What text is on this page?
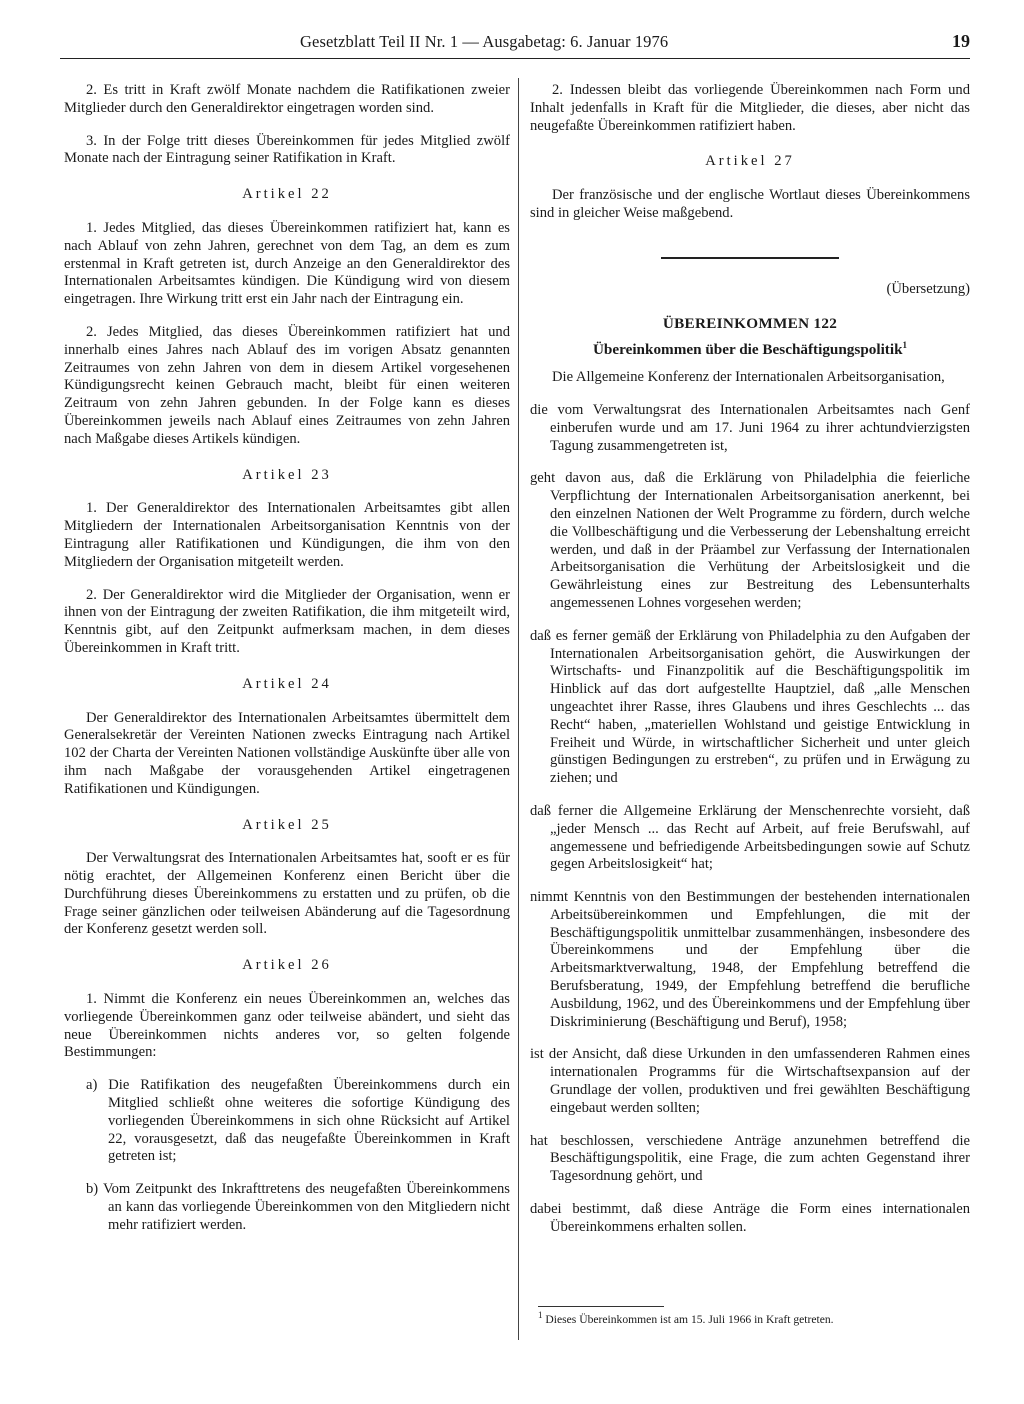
Gesetzblatt Teil II Nr. 1 — Ausgabetag: 6. Januar 1976	19

2. Es tritt in Kraft zwölf Monate nachdem die Ratifikationen zweier Mitglieder durch den Generaldirektor eingetragen worden sind.

3. In der Folge tritt dieses Übereinkommen für jedes Mitglied zwölf Monate nach der Eintragung seiner Ratifikation in Kraft.

Artikel 22

1. Jedes Mitglied, das dieses Übereinkommen ratifiziert hat, kann es nach Ablauf von zehn Jahren, gerechnet von dem Tag, an dem es zum erstenmal in Kraft getreten ist, durch Anzeige an den Generaldirektor des Internationalen Arbeitsamtes kündigen. Die Kündigung wird von diesem eingetragen. Ihre Wirkung tritt erst ein Jahr nach der Eintragung ein.

2. Jedes Mitglied, das dieses Übereinkommen ratifiziert hat und innerhalb eines Jahres nach Ablauf des im vorigen Absatz genannten Zeitraumes von zehn Jahren von dem in diesem Artikel vorgesehenen Kündigungsrecht keinen Gebrauch macht, bleibt für einen weiteren Zeitraum von zehn Jahren gebunden. In der Folge kann es dieses Übereinkommen jeweils nach Ablauf eines Zeitraumes von zehn Jahren nach Maßgabe dieses Artikels kündigen.

Artikel 23

1. Der Generaldirektor des Internationalen Arbeitsamtes gibt allen Mitgliedern der Internationalen Arbeitsorganisation Kenntnis von der Eintragung aller Ratifikationen und Kündigungen, die ihm von den Mitgliedern der Organisation mitgeteilt werden.

2. Der Generaldirektor wird die Mitglieder der Organisation, wenn er ihnen von der Eintragung der zweiten Ratifikation, die ihm mitgeteilt wird, Kenntnis gibt, auf den Zeitpunkt aufmerksam machen, in dem dieses Übereinkommen in Kraft tritt.

Artikel 24

Der Generaldirektor des Internationalen Arbeitsamtes übermittelt dem Generalsekretär der Vereinten Nationen zwecks Eintragung nach Artikel 102 der Charta der Vereinten Nationen vollständige Auskünfte über alle von ihm nach Maßgabe der vorausgehenden Artikel eingetragenen Ratifikationen und Kündigungen.

Artikel 25

Der Verwaltungsrat des Internationalen Arbeitsamtes hat, sooft er es für nötig erachtet, der Allgemeinen Konferenz einen Bericht über die Durchführung dieses Übereinkommens zu erstatten und zu prüfen, ob die Frage seiner gänzlichen oder teilweisen Abänderung auf die Tagesordnung der Konferenz gesetzt werden soll.

Artikel 26

1. Nimmt die Konferenz ein neues Übereinkommen an, welches das vorliegende Übereinkommen ganz oder teilweise abändert, und sieht das neue Übereinkommen nichts anderes vor, so gelten folgende Bestimmungen:

a) Die Ratifikation des neugefaßten Übereinkommens durch ein Mitglied schließt ohne weiteres die sofortige Kündigung des vorliegenden Übereinkommens in sich ohne Rücksicht auf Artikel 22, vorausgesetzt, daß das neugefaßte Übereinkommen in Kraft getreten ist;

b) Vom Zeitpunkt des Inkrafttretens des neugefaßten Übereinkommens an kann das vorliegende Übereinkommen von den Mitgliedern nicht mehr ratifiziert werden.

2. Indessen bleibt das vorliegende Übereinkommen nach Form und Inhalt jedenfalls in Kraft für die Mitglieder, die dieses, aber nicht das neugefaßte Übereinkommen ratifiziert haben.

Artikel 27

Der französische und der englische Wortlaut dieses Übereinkommens sind in gleicher Weise maßgebend.

(Übersetzung)

ÜBEREINKOMMEN 122

Übereinkommen über die Beschäftigungspolitik$^1$

Die Allgemeine Konferenz der Internationalen Arbeitsorganisation,

die vom Verwaltungsrat des Internationalen Arbeitsamtes nach Genf einberufen wurde und am 17. Juni 1964 zu ihrer achtundvierzigsten Tagung zusammengetreten ist,

geht davon aus, daß die Erklärung von Philadelphia die feierliche Verpflichtung der Internationalen Arbeitsorganisation anerkennt, bei den einzelnen Nationen der Welt Programme zu fördern, durch welche die Vollbeschäftigung und die Verbesserung der Lebenshaltung erreicht werden, und daß in der Präambel zur Verfassung der Internationalen Arbeitsorganisation die Verhütung der Arbeitslosigkeit und die Gewährleistung eines zur Bestreitung des Lebensunterhalts angemessenen Lohnes vorgesehen werden;

daß es ferner gemäß der Erklärung von Philadelphia zu den Aufgaben der Internationalen Arbeitsorganisation gehört, die Auswirkungen der Wirtschafts- und Finanzpolitik auf die Beschäftigungspolitik im Hinblick auf das dort aufgestellte Hauptziel, daß „alle Menschen ungeachtet ihrer Rasse, ihres Glaubens und ihres Geschlechts ... das Recht“ haben, „materiellen Wohlstand und geistige Entwicklung in Freiheit und Würde, in wirtschaftlicher Sicherheit und unter gleich günstigen Bedingungen zu erstreben“, zu prüfen und in Erwägung zu ziehen; und

daß ferner die Allgemeine Erklärung der Menschenrechte vorsieht, daß „jeder Mensch ... das Recht auf Arbeit, auf freie Berufswahl, auf angemessene und befriedigende Arbeitsbedingungen sowie auf Schutz gegen Arbeitslosigkeit“ hat;

nimmt Kenntnis von den Bestimmungen der bestehenden internationalen Arbeitsübereinkommen und Empfehlungen, die mit der Beschäftigungspolitik unmittelbar zusammenhängen, insbesondere des Übereinkommens und der Empfehlung über die Arbeitsmarktverwaltung, 1948, der Empfehlung betreffend die Berufsberatung, 1949, der Empfehlung betreffend die berufliche Ausbildung, 1962, und des Übereinkommens und der Empfehlung über Diskriminierung (Beschäftigung und Beruf), 1958;

ist der Ansicht, daß diese Urkunden in den umfassenderen Rahmen eines internationalen Programms für die Wirtschaftsexpansion auf der Grundlage der vollen, produktiven und frei gewählten Beschäftigung eingebaut werden sollten;

hat beschlossen, verschiedene Anträge anzunehmen betreffend die Beschäftigungspolitik, eine Frage, die zum achten Gegenstand ihrer Tagesordnung gehört, und

dabei bestimmt, daß diese Anträge die Form eines internationalen Übereinkommens erhalten sollen.

$^1$ Dieses Übereinkommen ist am 15. Juli 1966 in Kraft getreten.
